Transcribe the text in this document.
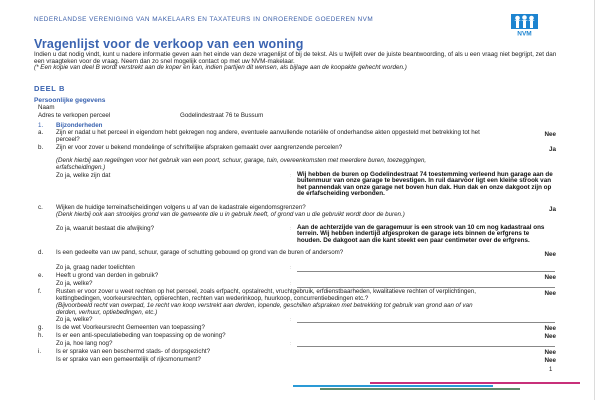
NEDERLANDSE VERENIGING VAN MAKELAARS EN TAXATEURS IN ONROERENDE GOEDEREN NVM
NVM
Vragenlijst voor de verkoop van een woning
Indien u dat nodig vindt, kunt u nadere informatie geven aan het einde van deze vragenlijst of bij de tekst. Als u twijfelt over de juiste beantwoording, of als u een vraag niet begrijpt, zet dan een vraagteken voor de vraag. Neem dan zo snel mogelijk contact op met uw NVM-makelaar.
(* Een kopie van deel B wordt verstrekt aan de koper en kan, indien partijen dit wensen, als bijlage aan de koopakte gehecht worden.)
DEEL B
Persoonlijke gegevens
Naam
Adres te verkopen perceel	Godelindestraat 76 te Bussum
1. Bijzonderheden
a. Zijn er nadat u het perceel in eigendom hebt gekregen nog andere, eventuele aanvullende notariële of onderhandse akten opgesteld met betrekking tot het perceel?
Nee
b. Zijn er voor zover u bekend mondelinge of schriftelijke afspraken gemaakt over aangrenzende percelen?	Ja
(Denk hierbij aan regelingen voor het gebruik van een poort, schuur, garage, tuin, overeenkomsten met meerdere buren, toezeggingen, erfafscheidingen.)
Zo ja, welke zijn dat	: Wij hebben de buren op Godelindestraat 74 toestemming verleend hun garage aan de buitenmuur van onze garage te bevestigen. In ruil daarvoor ligt een kleine strook van het pannendak van onze garage net boven hun dak. Hun dak en onze dakgoot zijn op de erfafscheiding verbonden.
c. Wijken de huidige terreinafscheidingen volgens u af van de kadastrale eigendomsgrenzen?	Ja
(Denk hierbij ook aan strookjes grond van de gemeente die u in gebruik heeft, of grond van u die gebruikt wordt door de buren.)
Zo ja, waaruit bestaat die afwijking?	: Aan de achterzijde van de garagemuur is een strook van 10 cm nog kadastraal ons terrein. Wij hebben indertijd afgesproken de garage iets binnen de erfgrens te houden. De dakgoot aan die kant steekt een paar centimeter over de erfgrens.
d. Is een gedeelte van uw pand, schuur, garage of schutting gebouwd op grond van de buren of andersom?	Nee
Zo ja, graag nader toelichten	:
e. Heeft u grond van derden in gebruik?	Nee
Zo ja, welke?	:
f. Rusten er voor zover u weet rechten op het perceel, zoals erfpacht, opstalrecht, vruchtgebruik, erfdienstbaarheden, kwalitatieve rechten of verplichtingen, kettingbedingen, voorkeursrechten, optierechten, rechten van wederinkoop, huurkoop, concurrentiebedingen etc.?
Nee
(Bijvoorbeeld recht van overpad, 1e recht van koop verstrekt aan derden, lopende, geschillen afspraken met betrekking tot gebruik van grond aan of van derden, verhuur, optiebedingen, etc.)
Zo ja, welke?	:
g. Is de wet Voorkeursrecht Gemeenten van toepassing?	Nee
h. Is er een anti-speculatiebeding van toepassing op de woning?	Nee
Zo ja, hoe lang nog?	:
i. Is er sprake van een beschermd stads- of dorpsgezicht?	Nee
Is er sprake van een gemeentelijk of rijksmonument?	Nee
1
